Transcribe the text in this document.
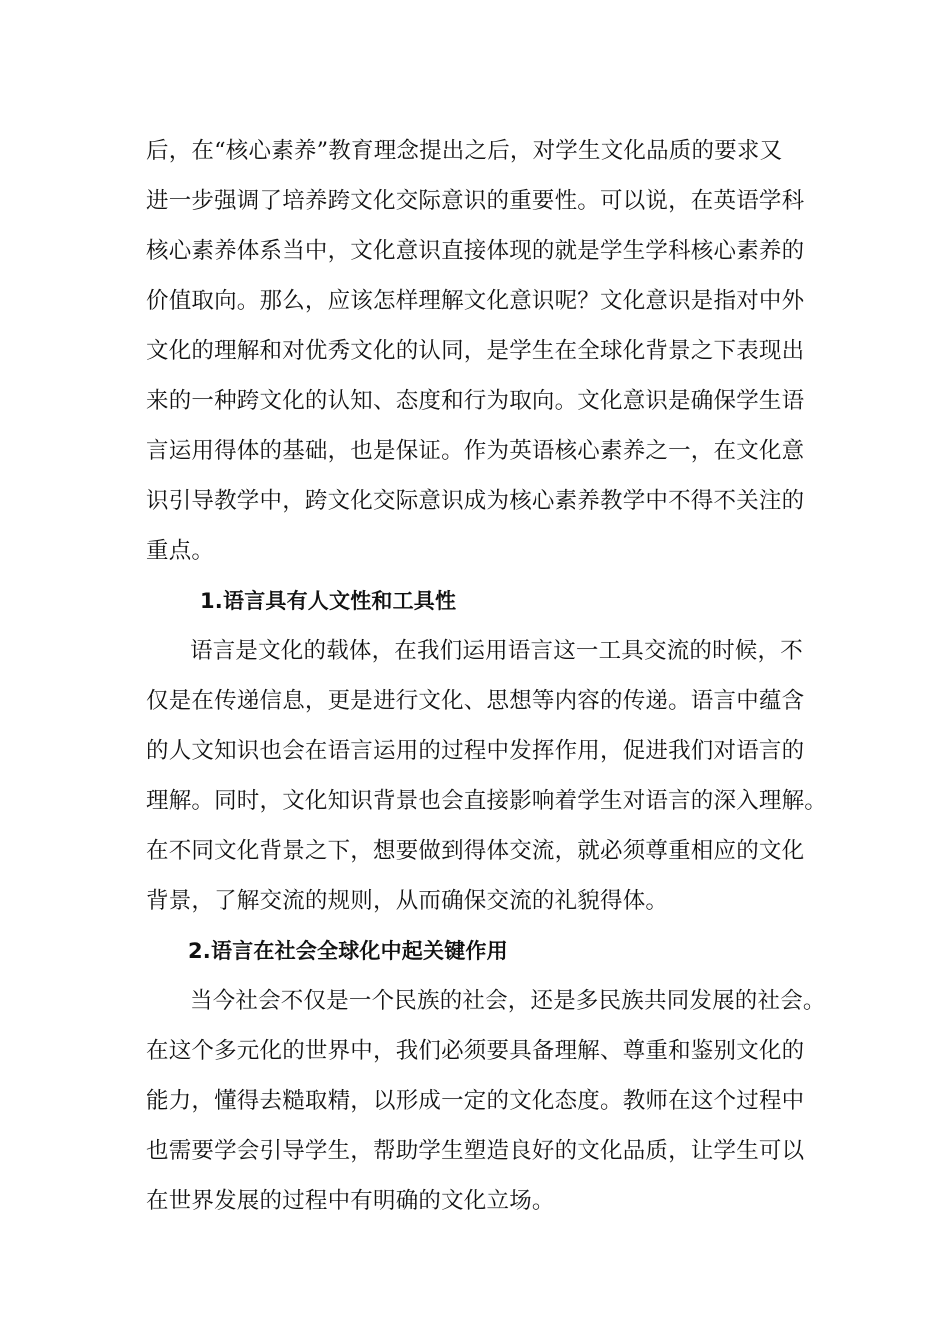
后，在“核心素养”教育理念提出之后，对学生文化品质的要求又
进一步强调了培养跨文化交际意识的重要性。可以说，在英语学科
核心素养体系当中，文化意识直接体现的就是学生学科核心素养的
价值取向。那么，应该怎样理解文化意识呢？文化意识是指对中外
文化的理解和对优秀文化的认同，是学生在全球化背景之下表现出
来的一种跨文化的认知、态度和行为取向。文化意识是确保学生语
言运用得体的基础，也是保证。作为英语核心素养之一，在文化意
识引导教学中，跨文化交际意识成为核心素养教学中不得不关注的
重点。
1.语言具有人文性和工具性
语言是文化的载体，在我们运用语言这一工具交流的时候，不
仅是在传递信息，更是进行文化、思想等内容的传递。语言中蕴含
的人文知识也会在语言运用的过程中发挥作用，促进我们对语言的
理解。同时，文化知识背景也会直接影响着学生对语言的深入理解。
在不同文化背景之下，想要做到得体交流，就必须尊重相应的文化
背景，了解交流的规则，从而确保交流的礼貌得体。
2.语言在社会全球化中起关键作用
当今社会不仅是一个民族的社会，还是多民族共同发展的社会。
在这个多元化的世界中，我们必须要具备理解、尊重和鉴别文化的
能力，懂得去糙取精，以形成一定的文化态度。教师在这个过程中
也需要学会引导学生，帮助学生塑造良好的文化品质，让学生可以
在世界发展的过程中有明确的文化立场。
